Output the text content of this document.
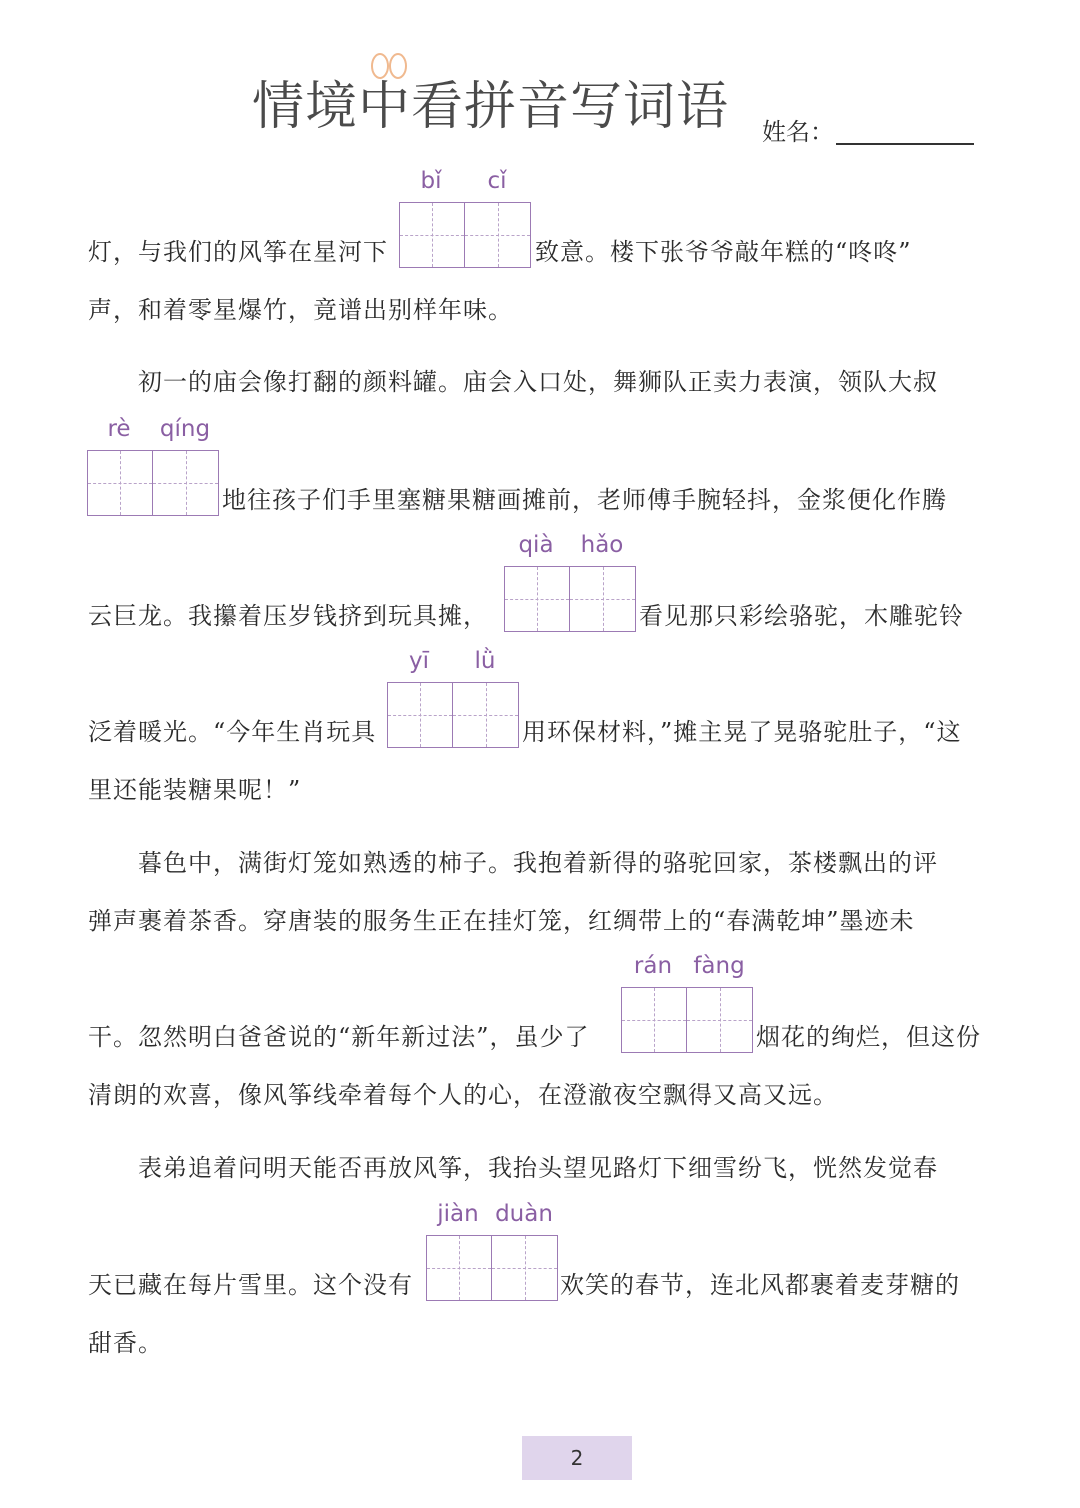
情境中看拼音写词语 姓名：
bǐ	cǐ
灯，与我们的风筝在星河下	致意。楼下张爷爷敲年糕的“咚咚”
声，和着零星爆竹，竟谱出别样年味。
初一的庙会像打翻的颜料罐。庙会入口处，舞狮队正卖力表演，领队大叔
rè	qíng
地往孩子们手里塞糖果糖画摊前，老师傅手腕轻抖，金浆便化作腾
qià	hǎo
云巨龙。我攥着压岁钱挤到玩具摊，	看见那只彩绘骆驼，木雕驼铃
yī	lǜ
泛着暖光。“今年生肖玩具	用环保材料，”摊主晃了晃骆驼肚子，“这
里还能装糖果呢！”
暮色中，满街灯笼如熟透的柿子。我抱着新得的骆驼回家，茶楼飘出的评
弹声裹着茶香。穿唐装的服务生正在挂灯笼，红绸带上的“春满乾坤”墨迹未
rán fàng
干。忽然明白爸爸说的“新年新过法”，虽少了	烟花的绚烂，但这份
清朗的欢喜，像风筝线牵着每个人的心，在澄澈夜空飘得又高又远。
表弟追着问明天能否再放风筝，我抬头望见路灯下细雪纷飞，恍然发觉春
jiàn duàn
天已藏在每片雪里。这个没有	欢笑的春节，连北风都裹着麦芽糖的
甜香。
2
